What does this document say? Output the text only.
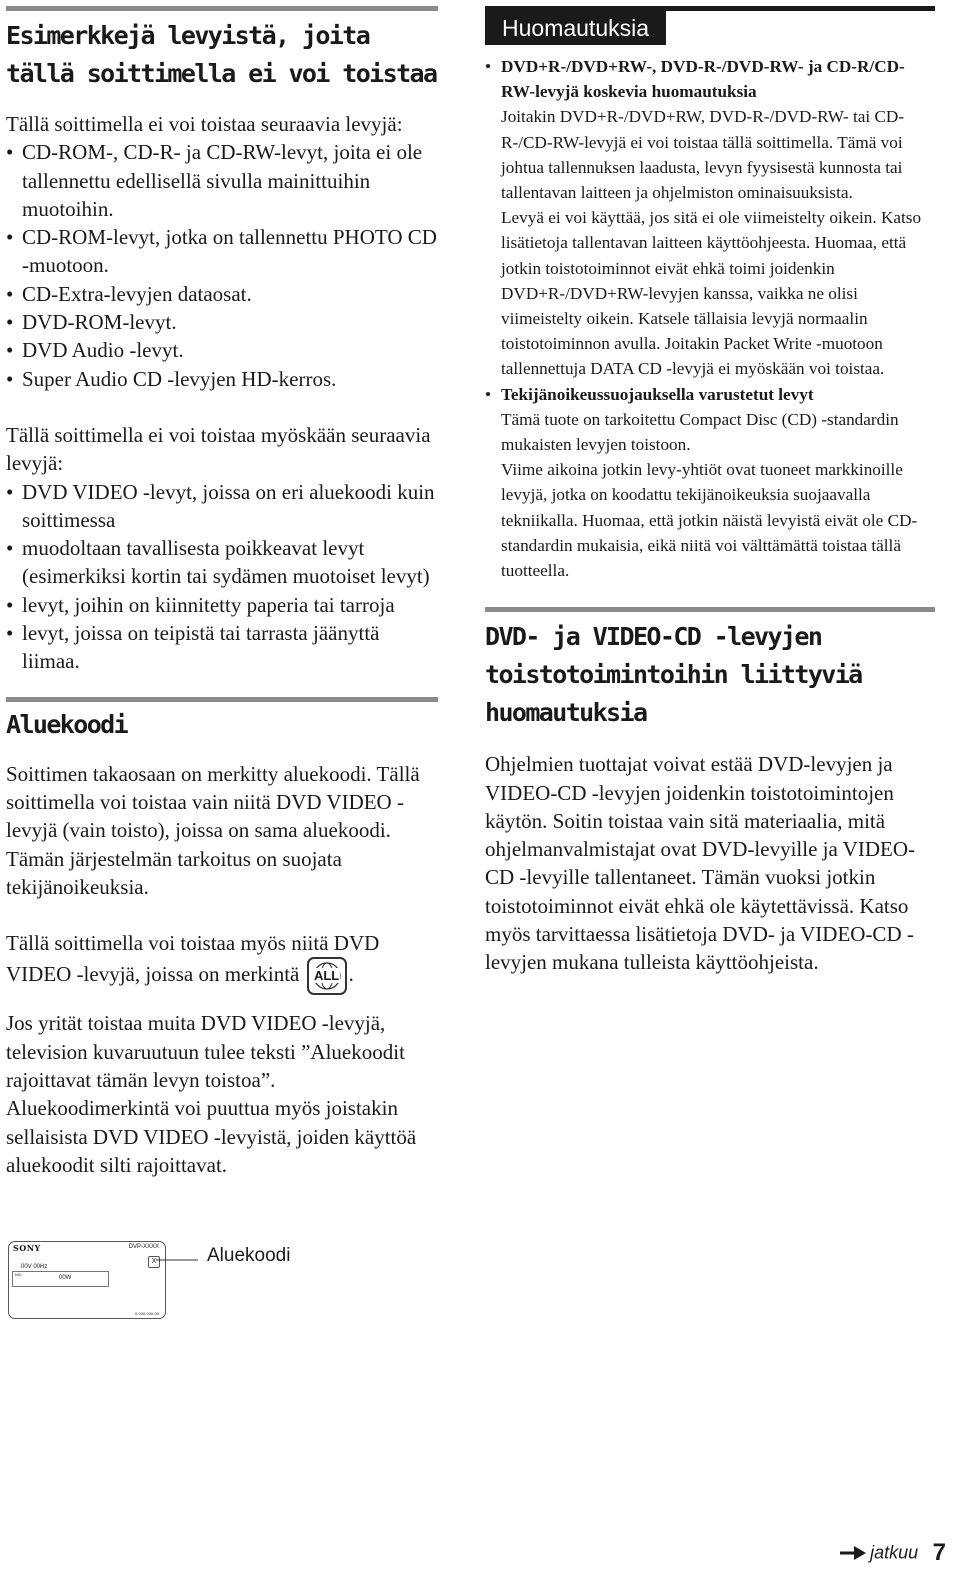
Esimerkkejä levyistä, joita tällä soittimella ei voi toistaa

Tällä soittimella ei voi toistaa seuraavia levyjä:

• CD-ROM-, CD-R- ja CD-RW-levyt, joita ei ole tallennettu edellisellä sivulla mainittuihin muotoihin.
• CD-ROM-levyt, jotka on tallennettu PHOTO CD -muotoon.
• CD-Extra-levyjen dataosat.
• DVD-ROM-levyt.
• DVD Audio -levyt.
• Super Audio CD -levyjen HD-kerros.

Tällä soittimella ei voi toistaa myöskään seuraavia levyjä:

• DVD VIDEO -levyt, joissa on eri aluekoodi kuin soittimessa
• muodoltaan tavallisesta poikkeavat levyt (esimerkiksi kortin tai sydämen muotoiset levyt)
• levyt, joihin on kiinnitetty paperia tai tarroja
• levyt, joissa on teipistä tai tarrasta jäänyttä liimaa.
Aluekoodi

Soittimen takaosaan on merkitty aluekoodi. Tällä soittimella voi toistaa vain niitä DVD VIDEO -levyjä (vain toisto), joissa on sama aluekoodi. Tämän järjestelmän tarkoitus on suojata tekijänoikeuksia.

Tällä soittimella voi toistaa myös niitä DVD VIDEO -levyjä, joissa on merkintä ALL .

Jos yrität toistaa muita DVD VIDEO -levyjä, television kuvaruutuun tulee teksti ”Aluekoodit rajoittavat tämän levyn toistoa”. Aluekoodimerkintä voi puuttua myös joistakin sellaisista DVD VIDEO -levyistä, joiden käyttöä aluekoodit silti rajoittavat.

SONY	DVP-XXXX
X
00V 00Hz
NO.
00W
0-000-000-00
Aluekoodi
Huomautuksia
• DVD+R-/DVD+RW-, DVD-R-/DVD-RW- ja CD-R/CD-RW-levyjä koskevia huomautuksia
Joitakin DVD+R-/DVD+RW, DVD-R-/DVD-RW- tai CD-R-/CD-RW-levyjä ei voi toistaa tällä soittimella. Tämä voi johtua tallennuksen laadusta, levyn fyysisestä kunnosta tai tallentavan laitteen ja ohjelmiston ominaisuuksista.
Levyä ei voi käyttää, jos sitä ei ole viimeistelty oikein. Katso lisätietoja tallentavan laitteen käyttöohjeesta. Huomaa, että jotkin toistotoiminnot eivät ehkä toimi joidenkin DVD+R-/DVD+RW-levyjen kanssa, vaikka ne olisi viimeistelty oikein. Katsele tällaisia levyjä normaalin toistotoiminnon avulla. Joitakin Packet Write -muotoon tallennettuja DATA CD -levyjä ei myöskään voi toistaa.
• Tekijänoikeussuojauksella varustetut levyt
Tämä tuote on tarkoitettu Compact Disc (CD) -standardin mukaisten levyjen toistoon.
Viime aikoina jotkin levy-yhtiöt ovat tuoneet markkinoille levyjä, jotka on koodattu tekijänoikeuksia suojaavalla tekniikalla. Huomaa, että jotkin näistä levyistä eivät ole CD-standardin mukaisia, eikä niitä voi välttämättä toistaa tällä tuotteella.
DVD- ja VIDEO-CD -levyjen toistotoimintoihin liittyviä huomautuksia

Ohjelmien tuottajat voivat estää DVD-levyjen ja VIDEO-CD -levyjen joidenkin toistotoimintojen käytön. Soitin toistaa vain sitä materiaalia, mitä ohjelmanvalmistajat ovat DVD-levyille ja VIDEO-CD -levyille tallentaneet. Tämän vuoksi jotkin toistotoiminnot eivät ehkä ole käytettävissä. Katso myös tarvittaessa lisätietoja DVD- ja VIDEO-CD -levyjen mukana tulleista käyttöohjeista.

jatkuu 7
